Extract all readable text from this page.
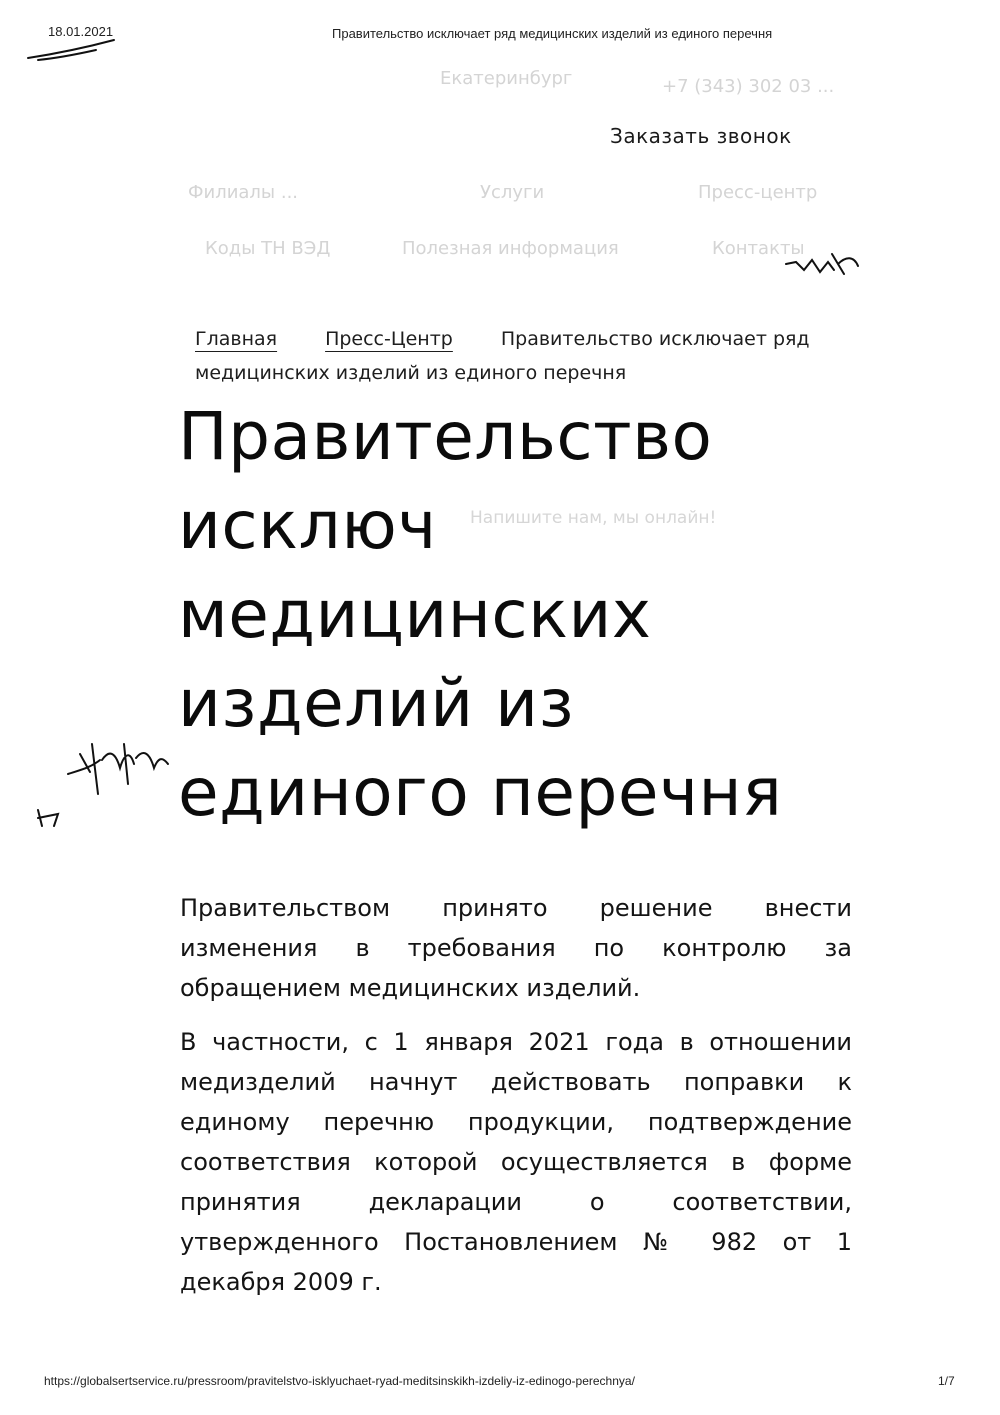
18.01.2021	Правительство исключает ряд медицинских изделий из единого перечня
Екатеринбург	+7 (343) 302 03 ...
Заказать звонок
Филиалы ...	Услуги	Пресс-центр
Коды ТН ВЭД	Полезная информация	Контакты
Главная	Пресс-Центр	Правительство исключает ряд медицинских изделий из единого перечня
Правительство
исключ
медицинских
изделий из
единого перечня
Напишите нам, мы онлайн!

Правительством принято решение внести изменения в требования по контролю за обращением медицинских изделий.

В частности, с 1 января 2021 года в отношении медизделий начнут действовать поправки к единому перечню продукции, подтверждение соответствия которой осуществляется в форме принятия декларации о соответствии, утвержденного Постановлением № 982 от 1 декабря 2009 г.

https://globalsertservice.ru/pressroom/pravitelstvo-isklyuchaet-ryad-meditsinskikh-izdeliy-iz-edinogo-perechnya/	1/7
